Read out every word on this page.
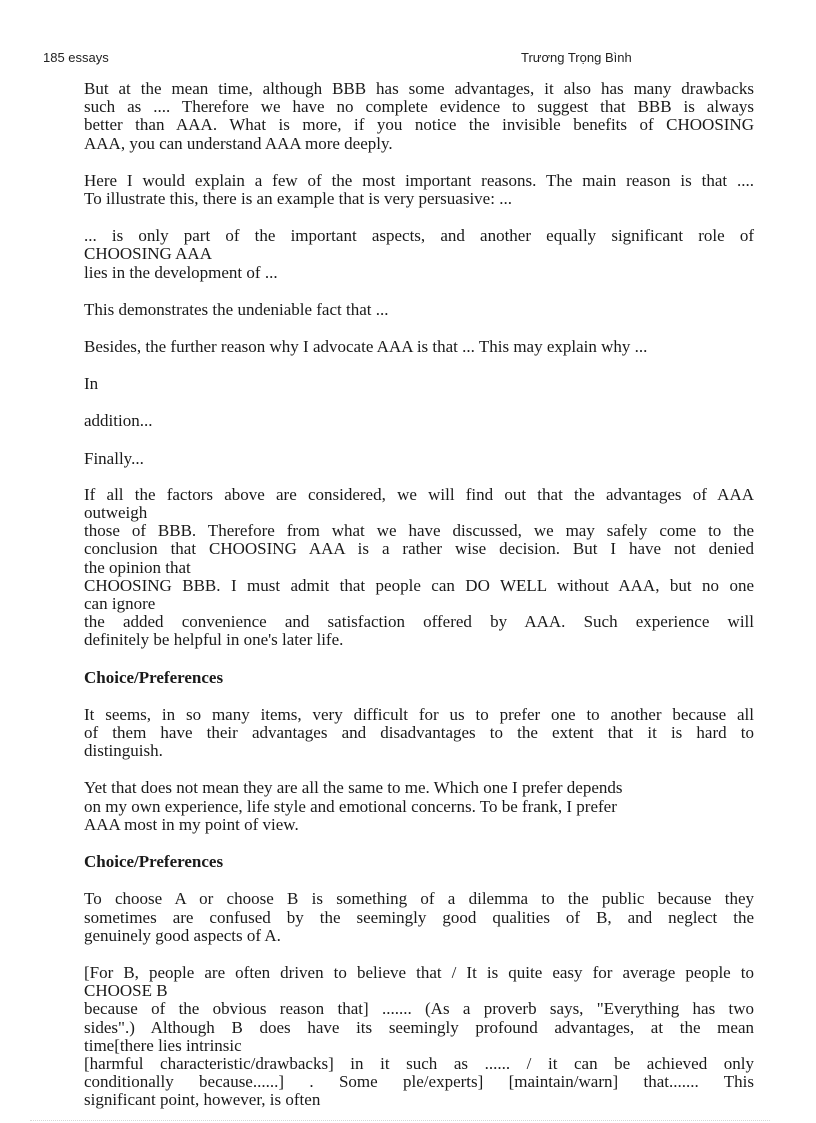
185 essays	Trương Trọng Bình
But at the mean time, although BBB has some advantages, it also has many drawbacks
such as .... Therefore we have no complete evidence to suggest that BBB is always
better than AAA. What is more, if you notice the invisible benefits of CHOOSING
AAA, you can understand AAA more deeply.
Here I would explain a few of the most important reasons. The main reason is that ....
To illustrate this, there is an example that is very persuasive: ...
... is only part of the important aspects, and another equally significant role of
CHOOSING AAA
lies in the development of ...
This demonstrates the undeniable fact that ...
Besides, the further reason why I advocate AAA is that ... This may explain why ...
In
addition...
Finally...
If all the factors above are considered, we will find out that the advantages of AAA
outweigh
those of BBB. Therefore from what we have discussed, we may safely come to the
conclusion that CHOOSING AAA is a rather wise decision. But I have not denied
the opinion that
CHOOSING BBB. I must admit that people can DO WELL without AAA, but no one
can ignore
the added convenience and satisfaction offered by AAA. Such experience will
definitely be helpful in one's later life.
Choice/Preferences
It seems, in so many items, very difficult for us to prefer one to another because all
of them have their advantages and disadvantages to the extent that it is hard to
distinguish.
Yet that does not mean they are all the same to me. Which one I prefer depends
on my own experience, life style and emotional concerns. To be frank, I prefer
AAA most in my point of view.
Choice/Preferences
To choose A or choose B is something of a dilemma to the public because they
sometimes are confused by the seemingly good qualities of B, and neglect the
genuinely good aspects of A.
[For B, people are often driven to believe that / It is quite easy for average people to
CHOOSE B
because of the obvious reason that] ....... (As a proverb says, "Everything has two
sides".) Although B does have its seemingly profound advantages, at the mean
time[there lies intrinsic
[harmful characteristic/drawbacks] in it such as ...... / it can be achieved only
conditionally because......] . Some ple/experts] [maintain/warn] that....... This
significant point, however, is often
